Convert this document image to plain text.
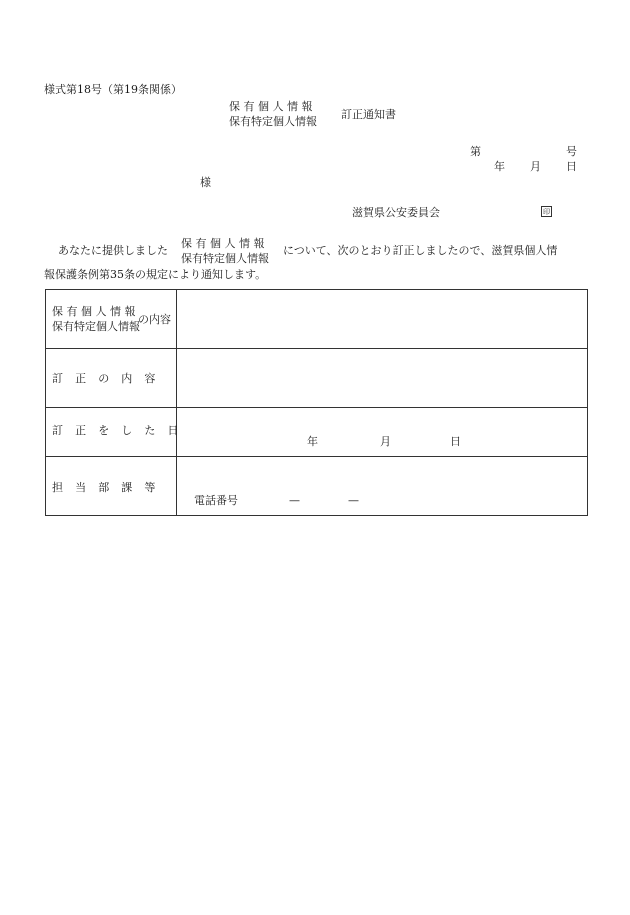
様式第18号（第19条関係）
保 有 個 人 情 報
保有特定個人情報
訂正通知書
第	号
年 月 日
様
滋賀県公安委員会	印
あなたに提供しました
保 有 個 人 情 報
保有特定個人情報
について、次のとおり訂正しましたので、滋賀県個人情
報保護条例第35条の規定により通知します。
保 有 個 人 情 報
保有特定個人情報
の内容	

訂　正　の　内　容	

訂　正　を　し　た　日	年 月 日

担　当　部　課　等	電話番号 — —
